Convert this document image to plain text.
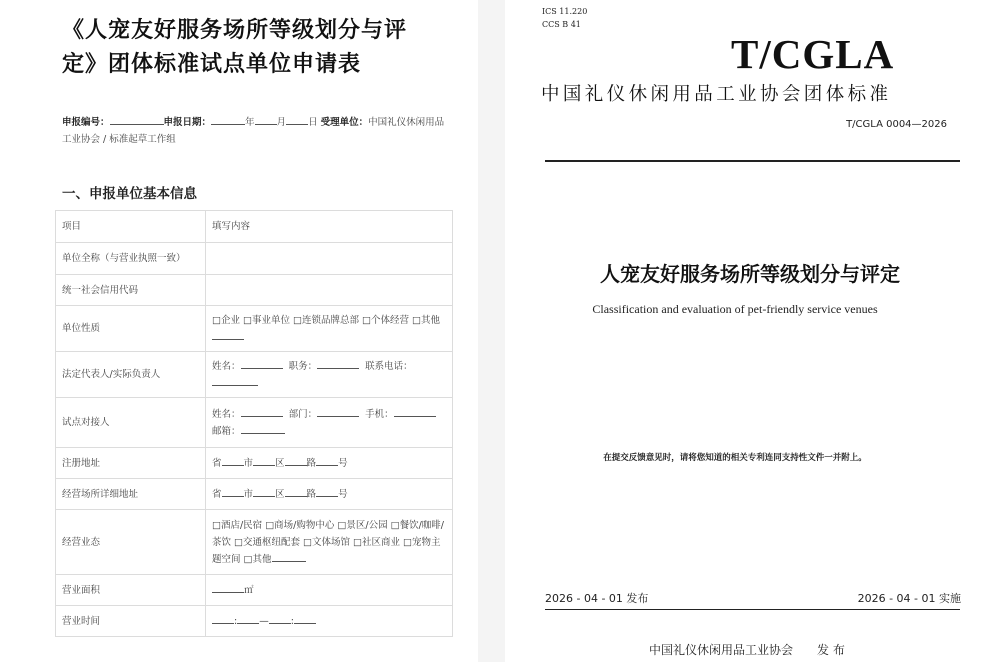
《人宠友好服务场所等级划分与评
定》团体标准试点单位申请表
申报编号：	申报日期：	年 月 日 受理单位：中国礼仪休闲用品工业协会 / 标准起草工作组
一、申报单位基本信息
项目	填写内容
单位全称（与营业执照一致）	
统一社会信用代码	
单位性质	□企业 □事业单位 □连锁品牌总部 □个体经营 □其他

法定代表人/实际负责人	姓名： 职务： 联系电话：

试点对接人	姓名： 部门： 手机：
邮箱：
注册地址	省 市 区 路 号
经营场所详细地址	省 市 区 路 号
经营业态	□酒店/民宿 □商场/购物中心 □景区/公园 □餐饮/咖啡/
茶饮 □交通枢纽配套 □文体场馆 □社区商业 □宠物主
题空间 □其他
营业面积	㎡
营业时间	: — :
ICS 11.220
CCS B 41
T/CGLA
中国礼仪休闲用品工业协会团体标准
T/CGLA 0004—2026
人宠友好服务场所等级划分与评定
Classification and evaluation of pet-friendly service venues
在提交反馈意见时，请将您知道的相关专利连同支持性文件一并附上。
2026 - 04 - 01 发布	2026 - 04 - 01 实施
中国礼仪休闲用品工业协会 发 布
